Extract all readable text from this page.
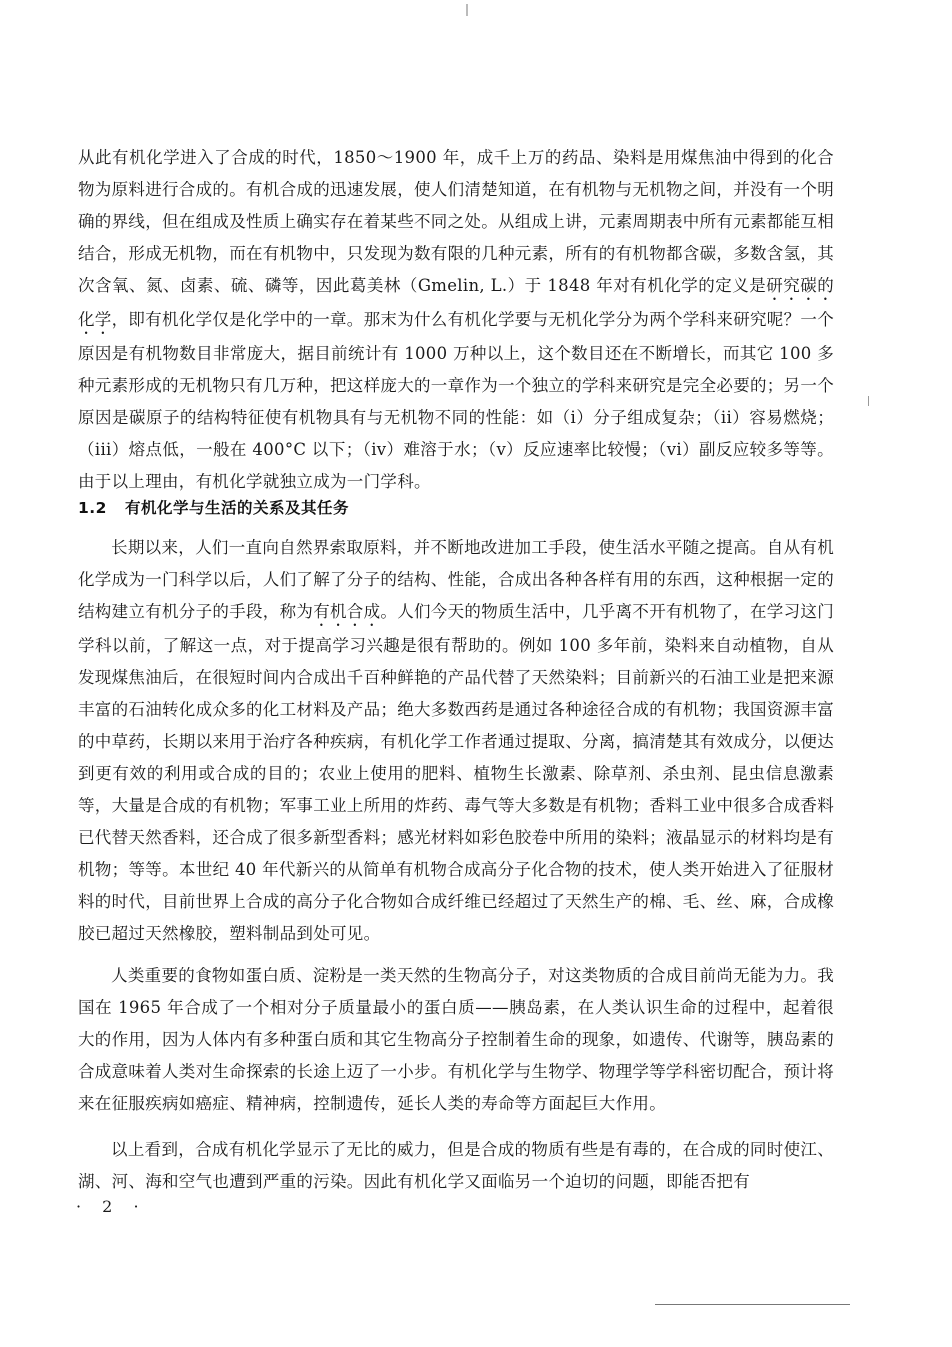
从此有机化学进入了合成的时代，1850～1900 年，成千上万的药品、染料是用煤焦油中得到的化合物为原料进行合成的。有机合成的迅速发展，使人们清楚知道，在有机物与无机物之间，并没有一个明确的界线，但在组成及性质上确实存在着某些不同之处。从组成上讲，元素周期表中所有元素都能互相结合，形成无机物，而在有机物中，只发现为数有限的几种元素，所有的有机物都含碳，多数含氢，其次含氧、氮、卤素、硫、磷等，因此葛美林（Gmelin, L.）于 1848 年对有机化学的定义是研究碳的化学，即有机化学仅是化学中的一章。那末为什么有机化学要与无机化学分为两个学科来研究呢？一个原因是有机物数目非常庞大，据目前统计有 1000 万种以上，这个数目还在不断增长，而其它 100 多种元素形成的无机物只有几万种，把这样庞大的一章作为一个独立的学科来研究是完全必要的；另一个原因是碳原子的结构特征使有机物具有与无机物不同的性能：如（i）分子组成复杂；（ii）容易燃烧；（iii）熔点低，一般在 400°C 以下；（iv）难溶于水；（v）反应速率比较慢；（vi）副反应较多等等。由于以上理由，有机化学就独立成为一门学科。
1.2 有机化学与生活的关系及其任务
长期以来，人们一直向自然界索取原料，并不断地改进加工手段，使生活水平随之提高。自从有机化学成为一门科学以后，人们了解了分子的结构、性能，合成出各种各样有用的东西，这种根据一定的结构建立有机分子的手段，称为有机合成。人们今天的物质生活中，几乎离不开有机物了，在学习这门学科以前，了解这一点，对于提高学习兴趣是很有帮助的。例如 100 多年前，染料来自动植物，自从发现煤焦油后，在很短时间内合成出千百种鲜艳的产品代替了天然染料；目前新兴的石油工业是把来源丰富的石油转化成众多的化工材料及产品；绝大多数西药是通过各种途径合成的有机物；我国资源丰富的中草药，长期以来用于治疗各种疾病，有机化学工作者通过提取、分离，搞清楚其有效成分，以便达到更有效的利用或合成的目的；农业上使用的肥料、植物生长激素、除草剂、杀虫剂、昆虫信息激素等，大量是合成的有机物；军事工业上所用的炸药、毒气等大多数是有机物；香料工业中很多合成香料已代替天然香料，还合成了很多新型香料；感光材料如彩色胶卷中所用的染料；液晶显示的材料均是有机物；等等。本世纪 40 年代新兴的从简单有机物合成高分子化合物的技术，使人类开始进入了征服材料的时代，目前世界上合成的高分子化合物如合成纤维已经超过了天然生产的棉、毛、丝、麻，合成橡胶已超过天然橡胶，塑料制品到处可见。
人类重要的食物如蛋白质、淀粉是一类天然的生物高分子，对这类物质的合成目前尚无能为力。我国在 1965 年合成了一个相对分子质量最小的蛋白质——胰岛素，在人类认识生命的过程中，起着很大的作用，因为人体内有多种蛋白质和其它生物高分子控制着生命的现象，如遗传、代谢等，胰岛素的合成意味着人类对生命探索的长途上迈了一小步。有机化学与生物学、物理学等学科密切配合，预计将来在征服疾病如癌症、精神病，控制遗传，延长人类的寿命等方面起巨大作用。
以上看到，合成有机化学显示了无比的威力，但是合成的物质有些是有毒的，在合成的同时使江、湖、河、海和空气也遭到严重的污染。因此有机化学又面临另一个迫切的问题，即能否把有
· 2 ·
